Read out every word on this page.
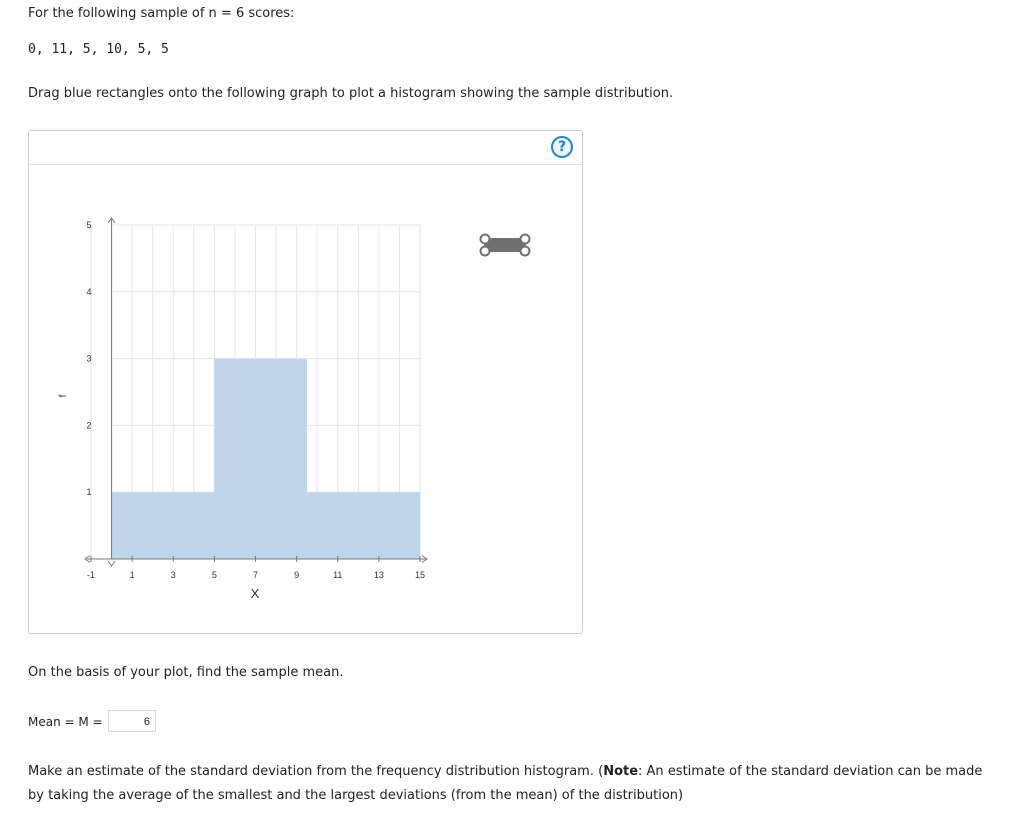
For the following sample of n = 6 scores:
0, 11, 5, 10, 5, 5
Drag blue rectangles onto the following graph to plot a histogram showing the sample distribution.
?
-1	1	3	5	7	9	11	13	15
1
2
3
4
5
X
f
On the basis of your plot, find the sample mean.
Mean = M =
6
Make an estimate of the standard deviation from the frequency distribution histogram. (Note: An estimate of the standard deviation can be made by taking the average of the smallest and the largest deviations (from the mean) of the distribution)
